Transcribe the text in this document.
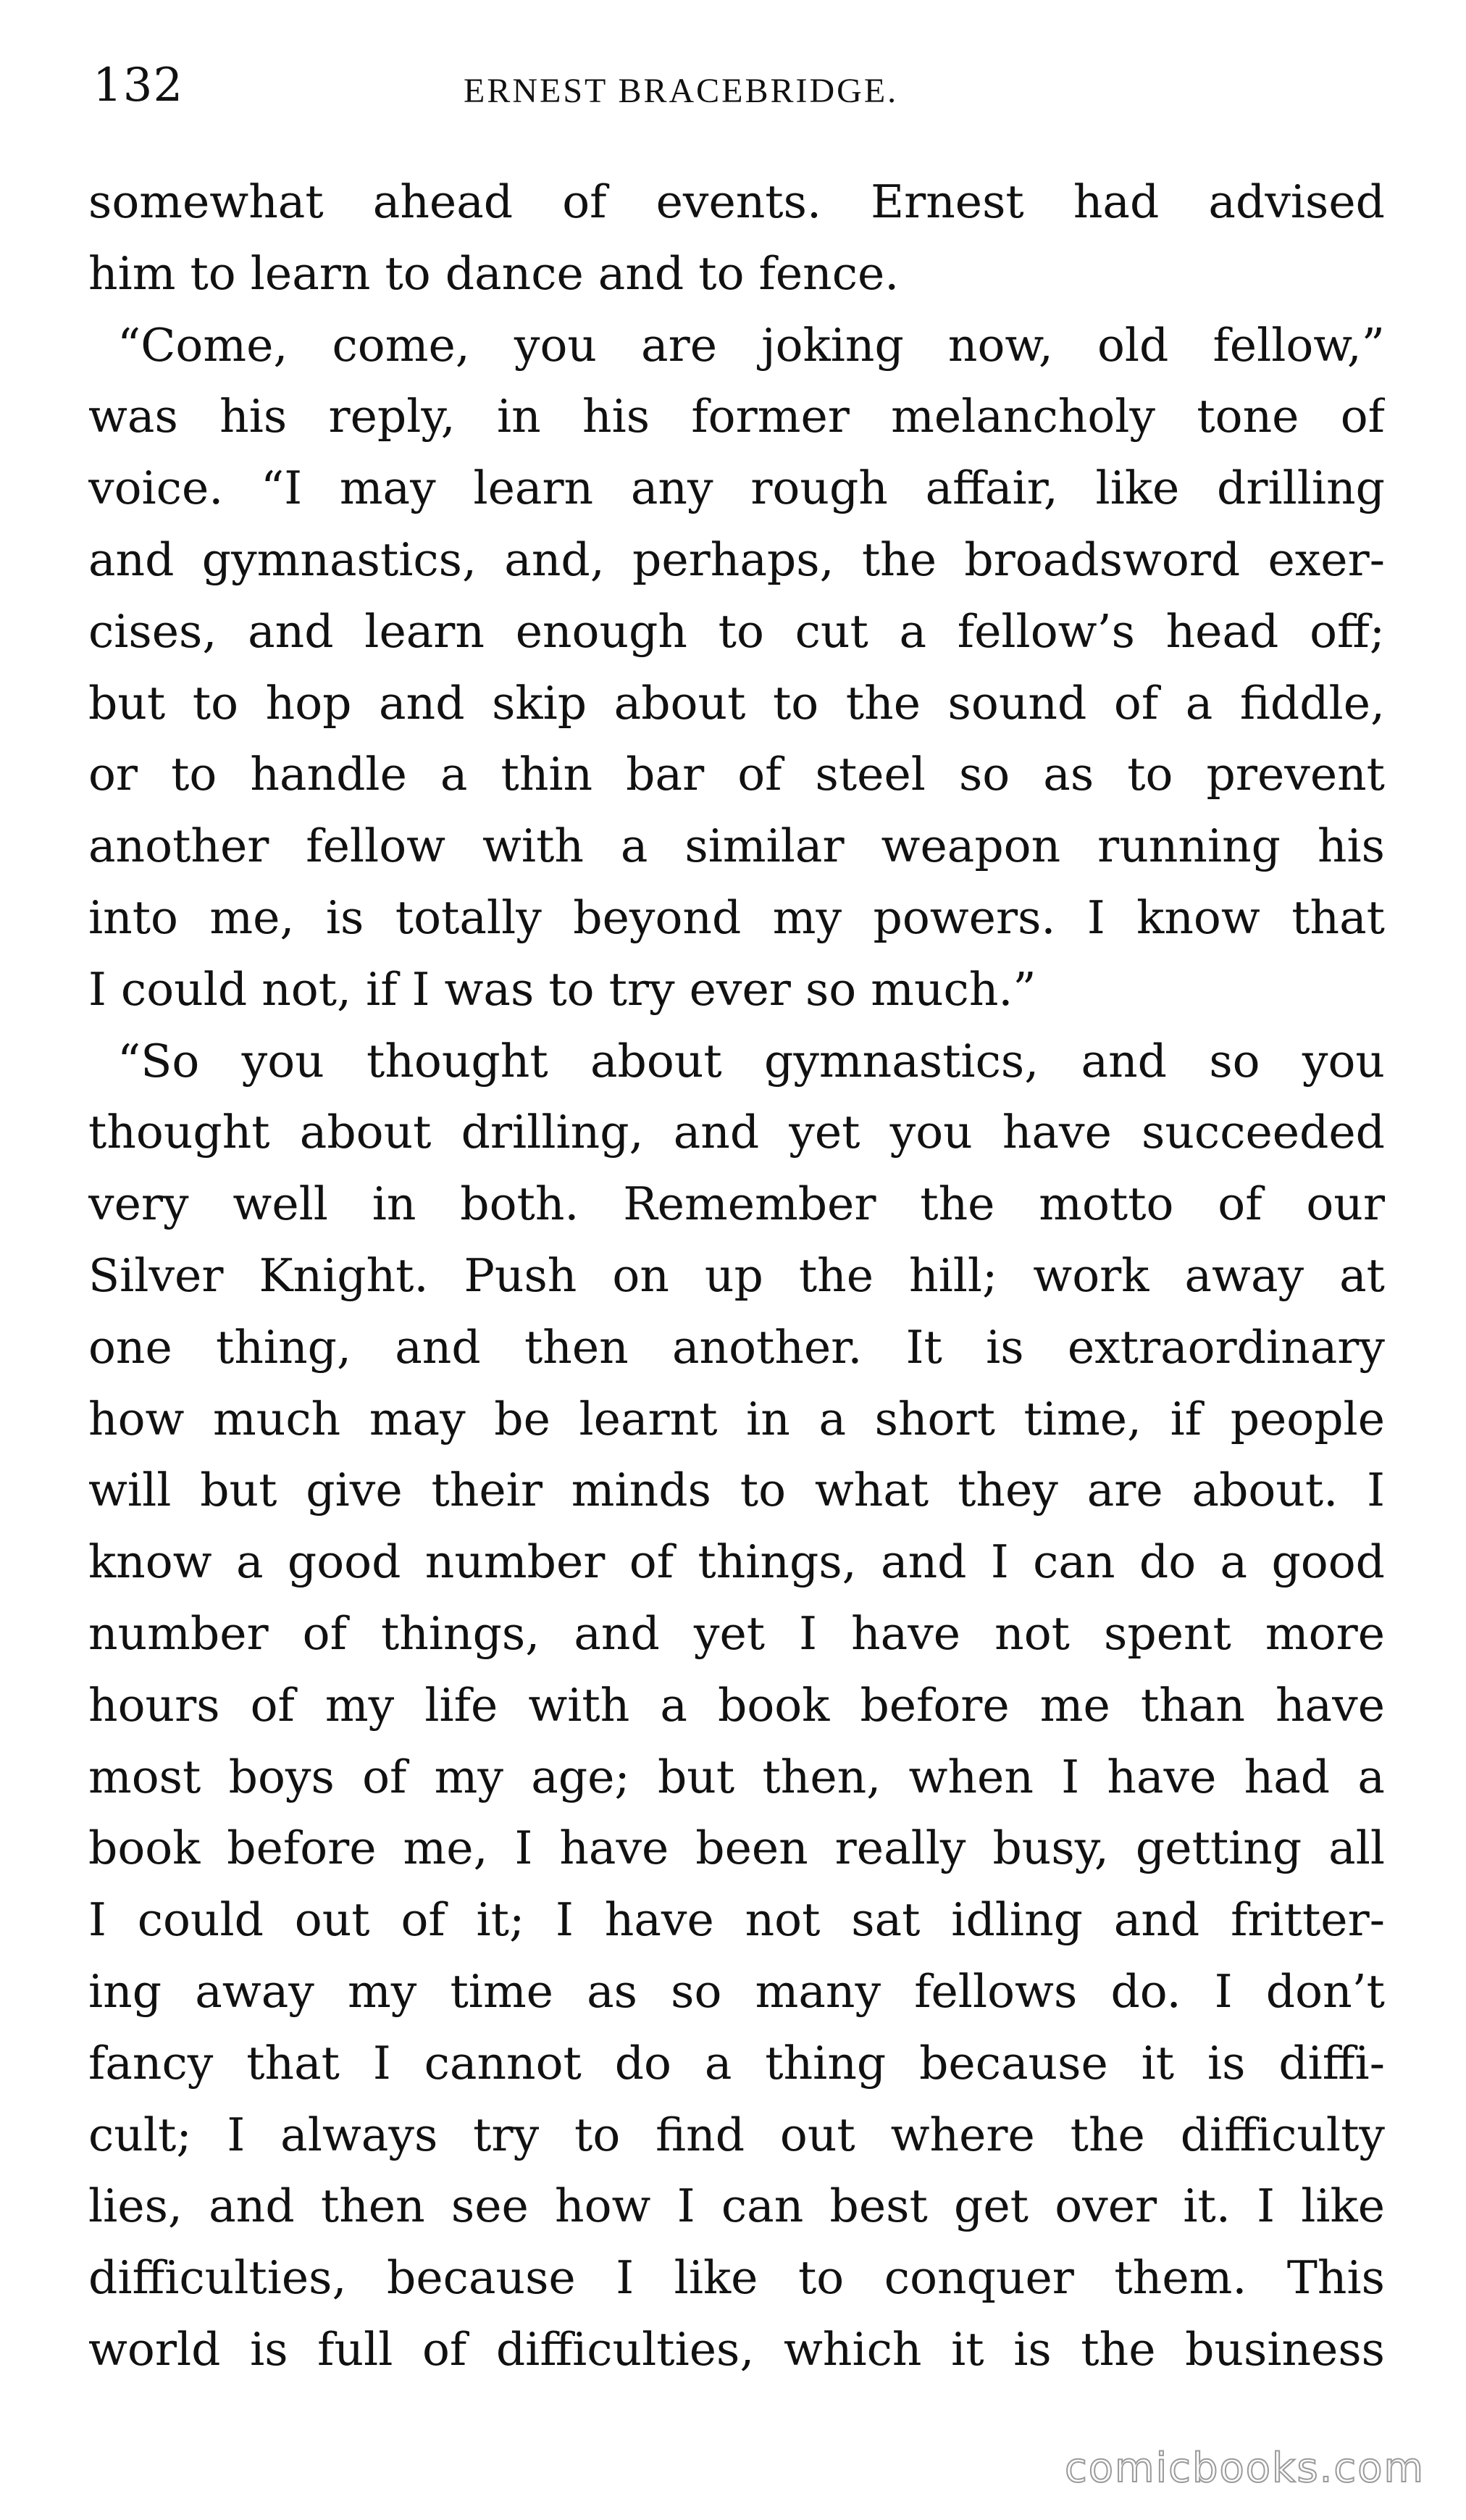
132	ERNEST BRACEBRIDGE.
somewhat ahead of events. Ernest had advised
him to learn to dance and to fence.
“Come, come, you are joking now, old fellow,”
was his reply, in his former melancholy tone of
voice. “I may learn any rough affair, like drilling
and gymnastics, and, perhaps, the broadsword exer-
cises, and learn enough to cut a fellow’s head off;
but to hop and skip about to the sound of a fiddle,
or to handle a thin bar of steel so as to prevent
another fellow with a similar weapon running his
into me, is totally beyond my powers. I know that
I could not, if I was to try ever so much.”
“So you thought about gymnastics, and so you
thought about drilling, and yet you have succeeded
very well in both. Remember the motto of our
Silver Knight. Push on up the hill; work away at
one thing, and then another. It is extraordinary
how much may be learnt in a short time, if people
will but give their minds to what they are about. I
know a good number of things, and I can do a good
number of things, and yet I have not spent more
hours of my life with a book before me than have
most boys of my age; but then, when I have had a
book before me, I have been really busy, getting all
I could out of it; I have not sat idling and fritter-
ing away my time as so many fellows do. I don’t
fancy that I cannot do a thing because it is diffi-
cult; I always try to find out where the difficulty
lies, and then see how I can best get over it. I like
difficulties, because I like to conquer them. This
world is full of difficulties, which it is the business
comicbooks.com
